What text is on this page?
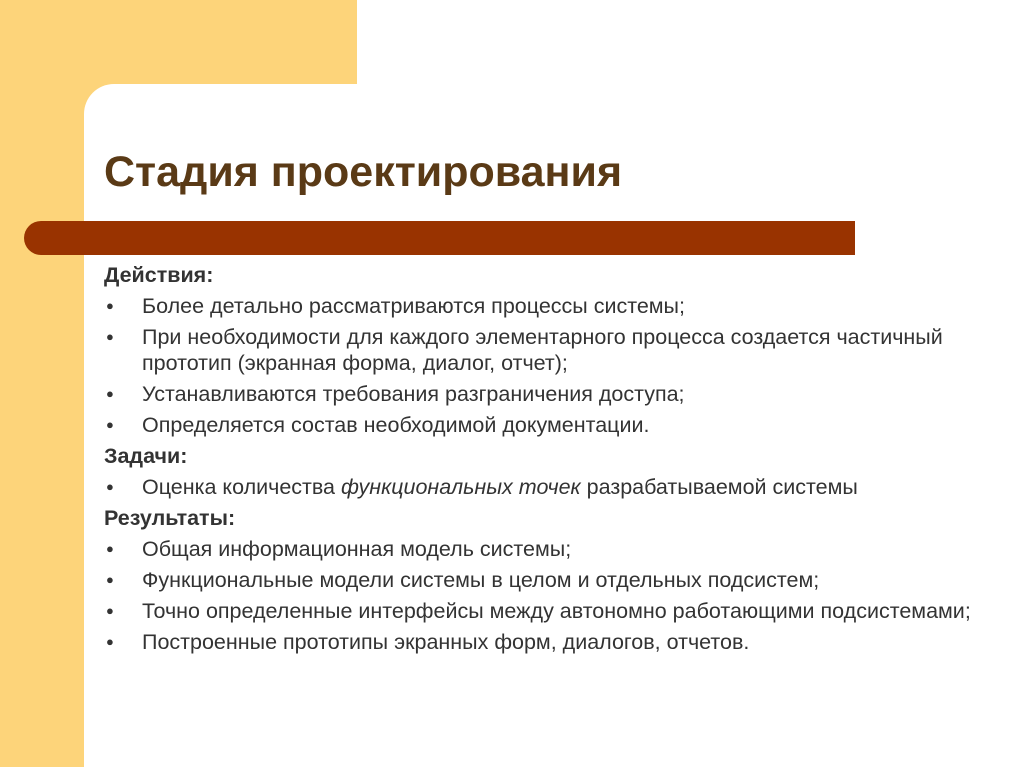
Стадия проектирования

Действия:

● Более детально рассматриваются процессы системы;
● При необходимости для каждого элементарного процесса создается частичный прототип (экранная форма, диалог, отчет);
● Устанавливаются требования разграничения доступа;
● Определяется состав необходимой документации.

Задачи:

● Оценка количества функциональных точек разрабатываемой системы

Результаты:

● Общая информационная модель системы;
● Функциональные модели системы в целом и отдельных подсистем;
● Точно определенные интерфейсы между автономно работающими подсистемами;
● Построенные прототипы экранных форм, диалогов, отчетов.
